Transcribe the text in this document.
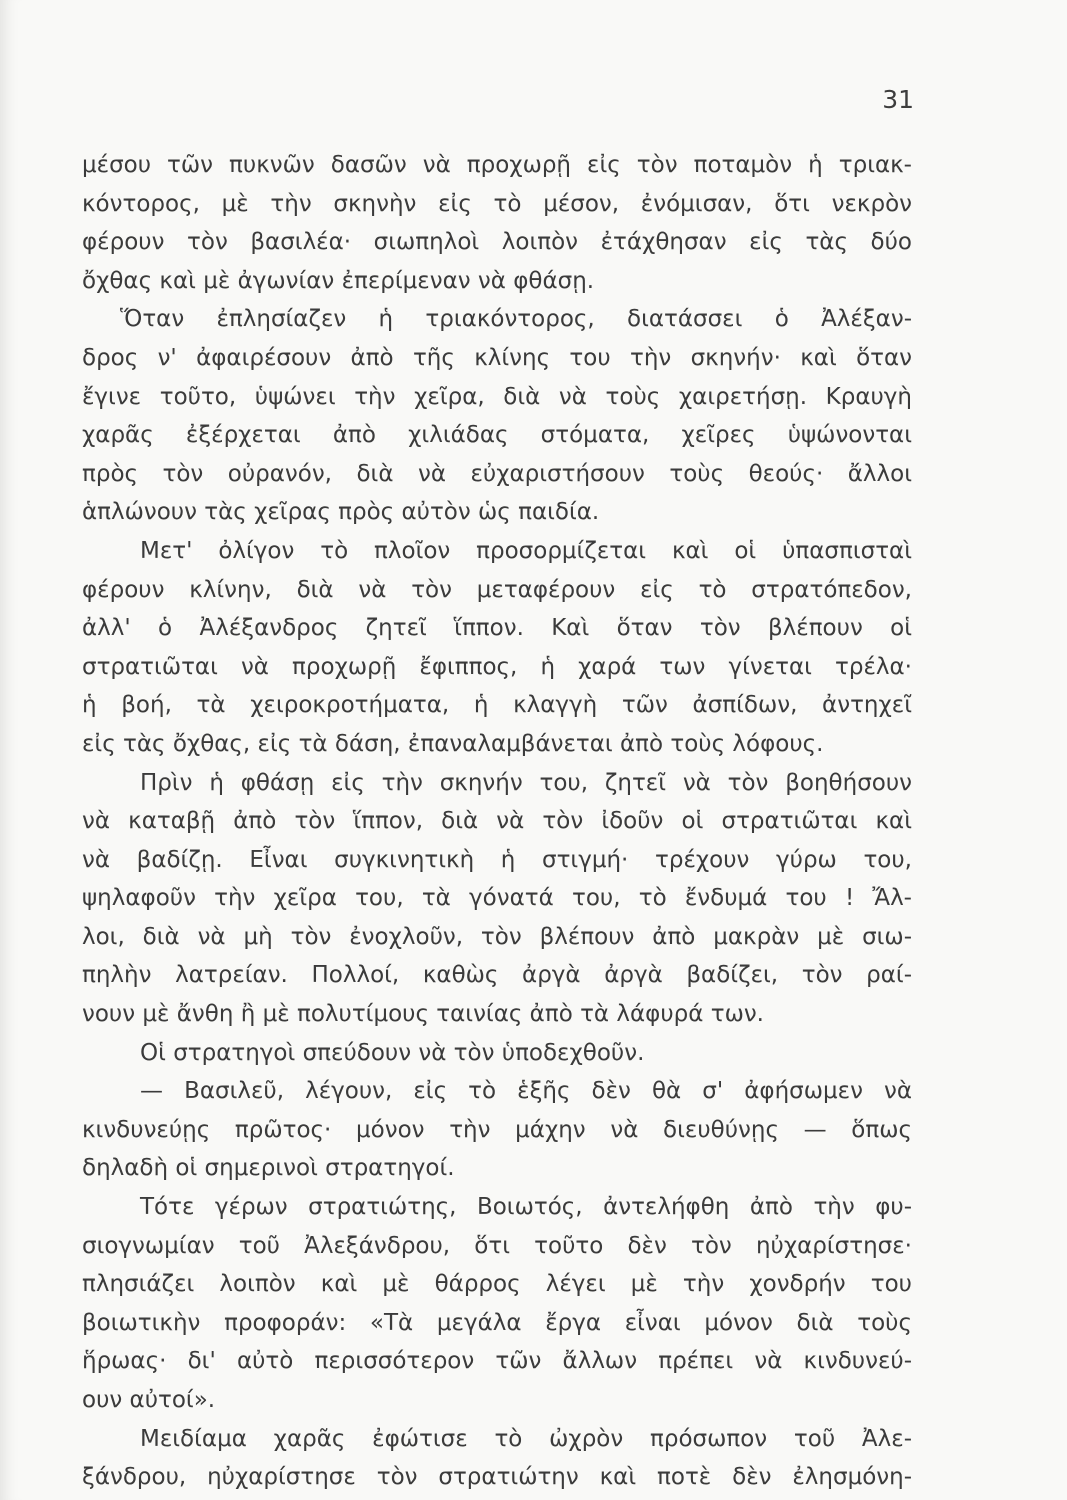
31
μέσου τῶν πυκνῶν δασῶν νὰ προχωρῇ εἰς τὸν ποταμὸν ἡ τριακ-
κόντορος, μὲ τὴν σκηνὴν εἰς τὸ μέσον, ἐνόμισαν, ὅτι νεκρὸν
φέρουν τὸν βασιλέα· σιωπηλοὶ λοιπὸν ἐτάχθησαν εἰς τὰς δύο
ὄχθας καὶ μὲ ἀγωνίαν ἐπερίμεναν νὰ φθάσῃ.
Ὅταν ἐπλησίαζεν ἡ τριακόντορος, διατάσσει ὁ Ἀλέξαν-
δρος ν' ἀφαιρέσουν ἀπὸ τῆς κλίνης του τὴν σκηνήν· καὶ ὅταν
ἔγινε τοῦτο, ὑψώνει τὴν χεῖρα, διὰ νὰ τοὺς χαιρετήσῃ. Κραυγὴ
χαρᾶς ἐξέρχεται ἀπὸ χιλιάδας στόματα, χεῖρες ὑψώνονται
πρὸς τὸν οὐρανόν, διὰ νὰ εὐχαριστήσουν τοὺς θεούς· ἄλλοι
ἁπλώνουν τὰς χεῖρας πρὸς αὐτὸν ὡς παιδία.
Μετ' ὀλίγον τὸ πλοῖον προσορμίζεται καὶ οἱ ὑπασπισταὶ
φέρουν κλίνην, διὰ νὰ τὸν μεταφέρουν εἰς τὸ στρατόπεδον,
ἀλλ' ὁ Ἀλέξανδρος ζητεῖ ἵππον. Καὶ ὅταν τὸν βλέπουν οἱ
στρατιῶται νὰ προχωρῇ ἔφιππος, ἡ χαρά των γίνεται τρέλα·
ἡ βοή, τὰ χειροκροτήματα, ἡ κλαγγὴ τῶν ἀσπίδων, ἀντηχεῖ
εἰς τὰς ὄχθας, εἰς τὰ δάση, ἐπαναλαμβάνεται ἀπὸ τοὺς λόφους.
Πρὶν ἡ φθάσῃ εἰς τὴν σκηνήν του, ζητεῖ νὰ τὸν βοηθήσουν
νὰ καταβῇ ἀπὸ τὸν ἵππον, διὰ νὰ τὸν ἰδοῦν οἱ στρατιῶται καὶ
νὰ βαδίζῃ. Εἶναι συγκινητικὴ ἡ στιγμή· τρέχουν γύρω του,
ψηλαφοῦν τὴν χεῖρα του, τὰ γόνατά του, τὸ ἔνδυμά του ! Ἄλ-
λοι, διὰ νὰ μὴ τὸν ἐνοχλοῦν, τὸν βλέπουν ἀπὸ μακρὰν μὲ σιω-
πηλὴν λατρείαν. Πολλοί, καθὼς ἀργὰ ἀργὰ βαδίζει, τὸν ραί-
νουν μὲ ἄνθη ἢ μὲ πολυτίμους ταινίας ἀπὸ τὰ λάφυρά των.
Οἱ στρατηγοὶ σπεύδουν νὰ τὸν ὑποδεχθοῦν.
— Βασιλεῦ, λέγουν, εἰς τὸ ἑξῆς δὲν θὰ σ' ἀφήσωμεν νὰ
κινδυνεύῃς πρῶτος· μόνον τὴν μάχην νὰ διευθύνῃς — ὅπως
δηλαδὴ οἱ σημερινοὶ στρατηγοί.
Τότε γέρων στρατιώτης, Βοιωτός, ἀντελήφθη ἀπὸ τὴν φυ-
σιογνωμίαν τοῦ Ἀλεξάνδρου, ὅτι τοῦτο δὲν τὸν ηὐχαρίστησε·
πλησιάζει λοιπὸν καὶ μὲ θάρρος λέγει μὲ τὴν χονδρήν του
βοιωτικὴν προφοράν: «Τὰ μεγάλα ἔργα εἶναι μόνον διὰ τοὺς
ἥρωας· δι' αὐτὸ περισσότερον τῶν ἄλλων πρέπει νὰ κινδυνεύ-
ουν αὐτοί».
Μειδίαμα χαρᾶς ἐφώτισε τὸ ὠχρὸν πρόσωπον τοῦ Ἀλε-
ξάνδρου, ηὐχαρίστησε τὸν στρατιώτην καὶ ποτὲ δὲν ἐλησμόνη-
